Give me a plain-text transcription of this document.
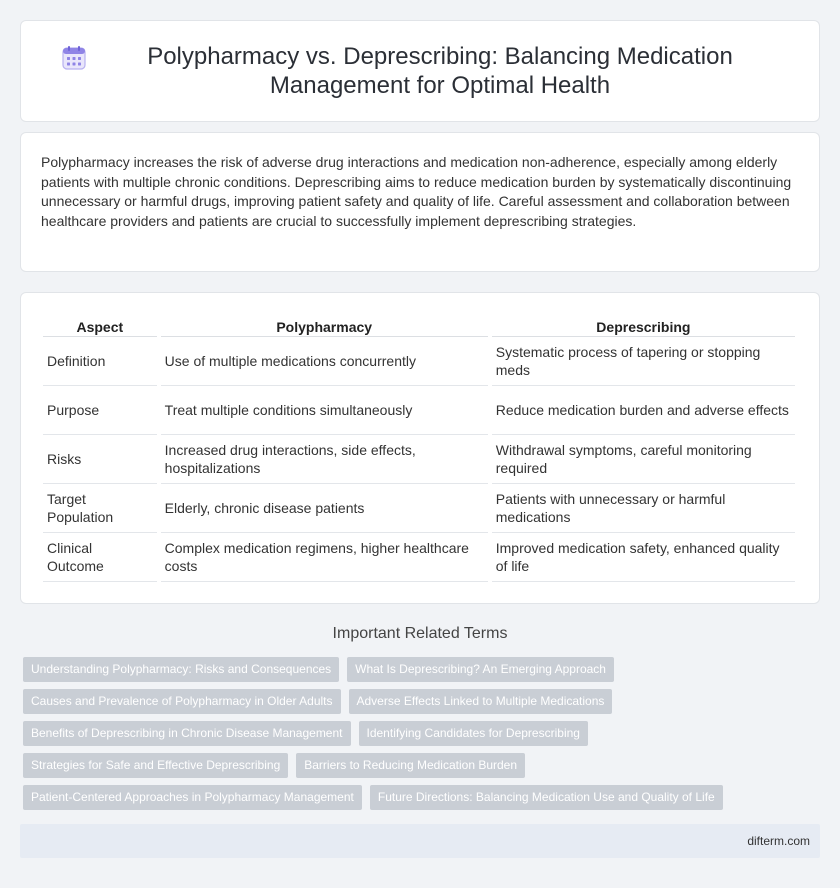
Polypharmacy vs. Deprescribing: Balancing Medication Management for Optimal Health

Polypharmacy increases the risk of adverse drug interactions and medication non-adherence, especially among elderly patients with multiple chronic conditions. Deprescribing aims to reduce medication burden by systematically discontinuing unnecessary or harmful drugs, improving patient safety and quality of life. Careful assessment and collaboration between healthcare providers and patients are crucial to successfully implement deprescribing strategies.

Aspect	Polypharmacy	Deprescribing
Definition	Use of multiple medications concurrently	Systematic process of tapering or stopping meds
Purpose	Treat multiple conditions simultaneously	Reduce medication burden and adverse effects
Risks	Increased drug interactions, side effects, hospitalizations	Withdrawal symptoms, careful monitoring required
Target Population	Elderly, chronic disease patients	Patients with unnecessary or harmful medications
Clinical Outcome	Complex medication regimens, higher healthcare costs	Improved medication safety, enhanced quality of life
Important Related Terms
Understanding Polypharmacy: Risks and Consequences	What Is Deprescribing? An Emerging Approach
Causes and Prevalence of Polypharmacy in Older Adults	Adverse Effects Linked to Multiple Medications
Benefits of Deprescribing in Chronic Disease Management	Identifying Candidates for Deprescribing
Strategies for Safe and Effective Deprescribing	Barriers to Reducing Medication Burden
Patient-Centered Approaches in Polypharmacy Management	Future Directions: Balancing Medication Use and Quality of Life
difterm.com
